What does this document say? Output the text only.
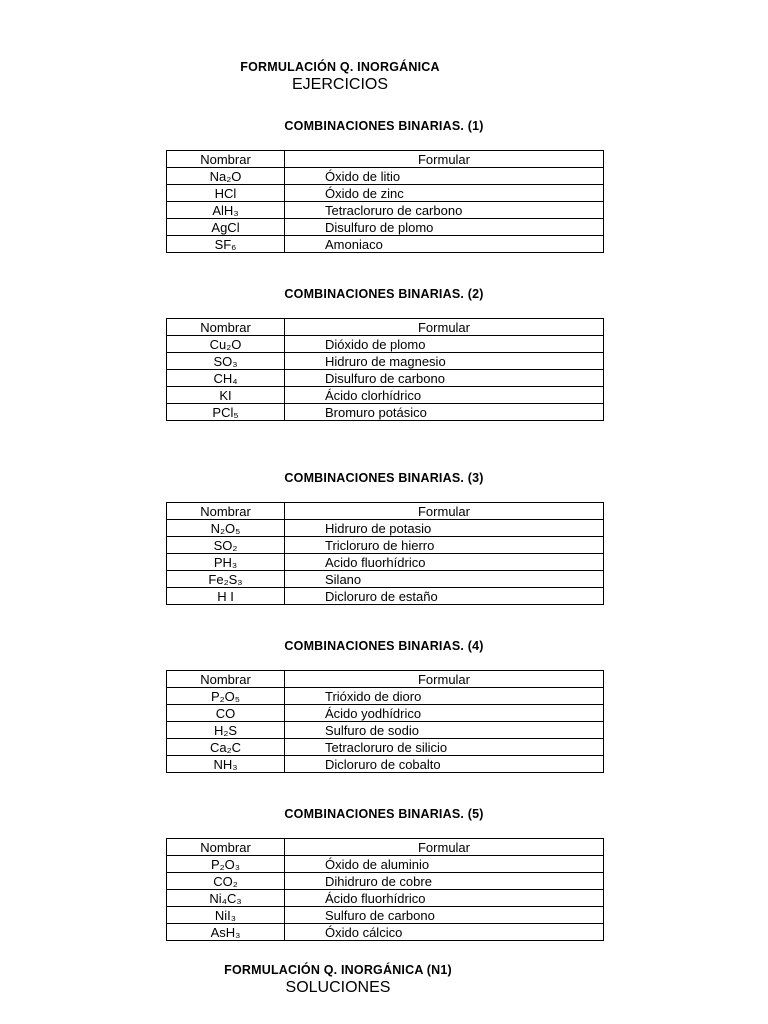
FORMULACIÓN Q. INORGÁNICA
EJERCICIOS
COMBINACIONES BINARIAS. (1)
Nombrar	Formular
Na₂O	Óxido de litio
HCl	Óxido de zinc
AlH₃	Tetracloruro de carbono
AgCl	Disulfuro de plomo
SF₆	Amoniaco
COMBINACIONES BINARIAS. (2)
Nombrar	Formular
Cu₂O	Dióxido de plomo
SO₃	Hidruro de magnesio
CH₄	Disulfuro de carbono
KI	Ácido clorhídrico
PCl₅	Bromuro potásico
COMBINACIONES BINARIAS. (3)
Nombrar	Formular
N₂O₅	Hidruro de potasio
SO₂	Tricloruro de hierro
PH₃	Acido fluorhídrico
Fe₂S₃	Silano
H I	Dicloruro de estaño
COMBINACIONES BINARIAS. (4)
Nombrar	Formular
P₂O₅	Trióxido de dioro
CO	Ácido yodhídrico
H₂S	Sulfuro de sodio
Ca₂C	Tetracloruro de silicio
NH₃	Dicloruro de cobalto
COMBINACIONES BINARIAS. (5)
Nombrar	Formular
P₂O₃	Óxido de aluminio
CO₂	Dihidruro de cobre
Ni₄C₃	Ácido fluorhídrico
NiI₃	Sulfuro de carbono
AsH₃	Óxido cálcico
FORMULACIÓN Q. INORGÁNICA (N1)
SOLUCIONES
